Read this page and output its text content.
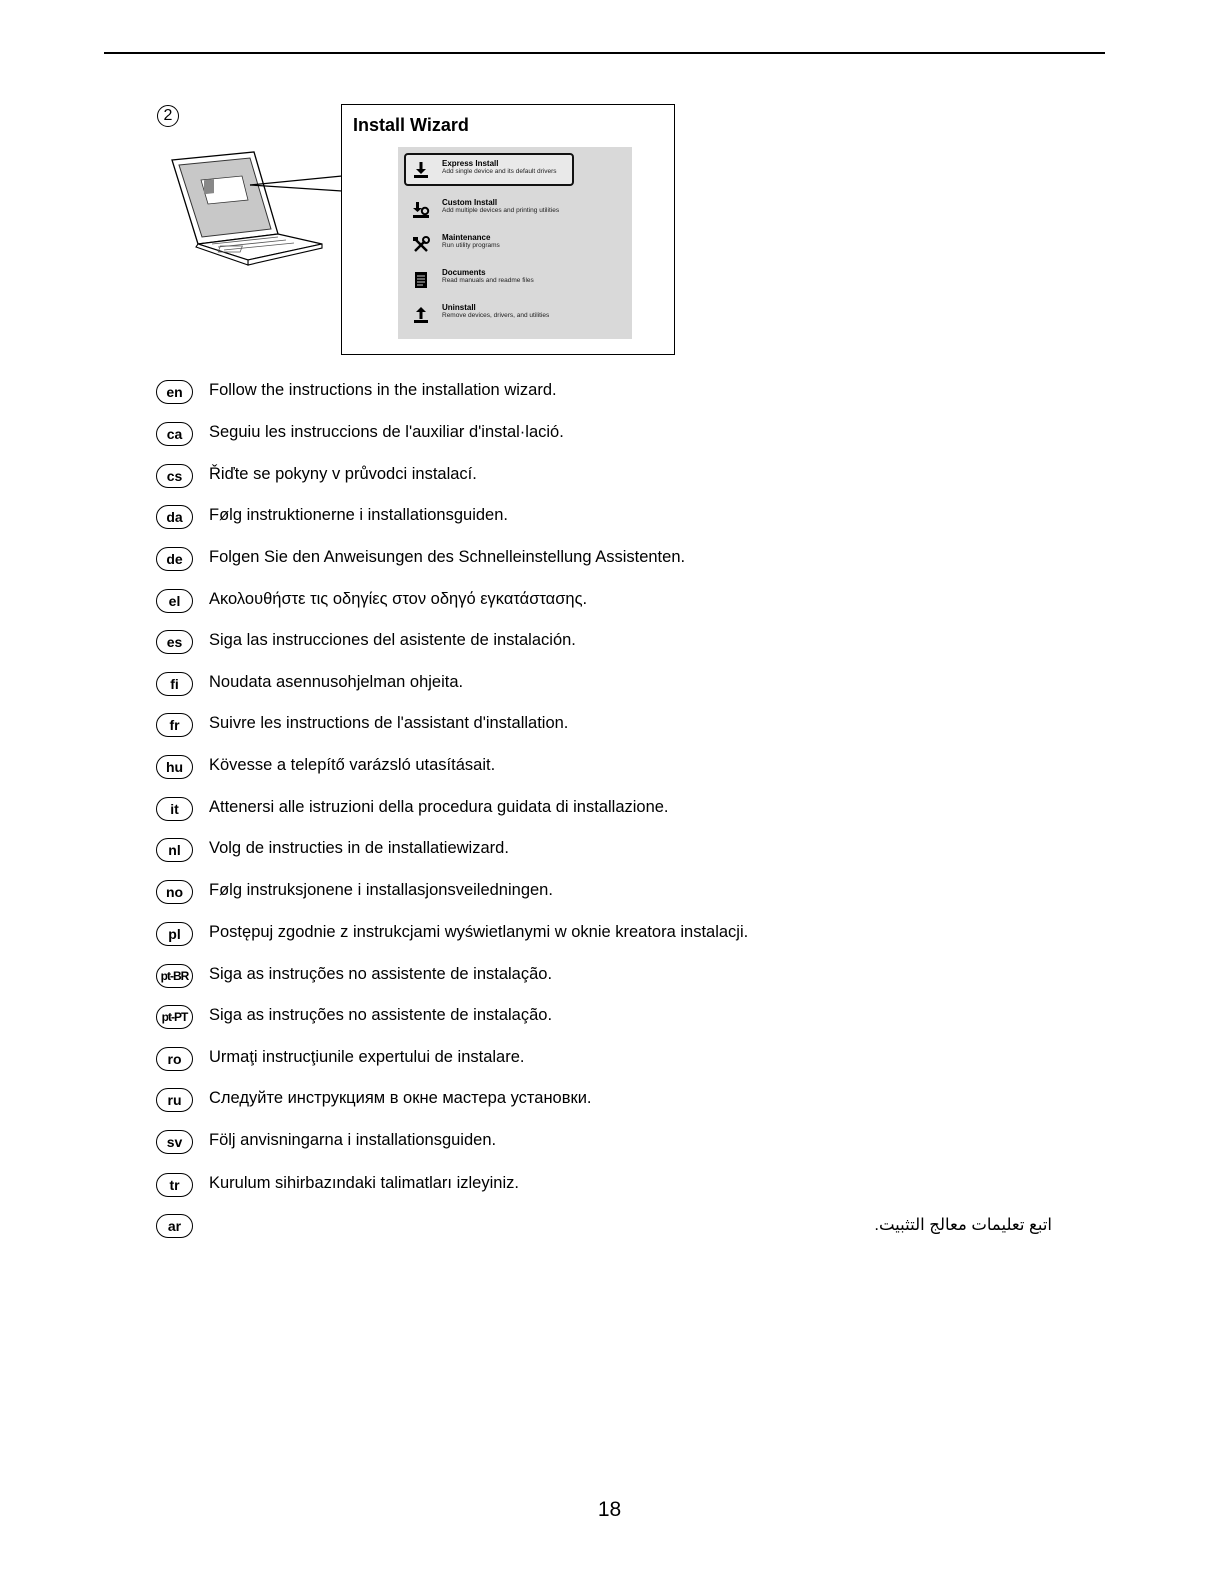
2	Install Wizard
Express Install
Add single device and its default drivers
Custom Install
Add multiple devices and printing utilities
Maintenance
Run utility programs
Documents
Read manuals and readme files
Uninstall
Remove devices, drivers, and utilities
en	Follow the instructions in the installation wizard.
ca	Seguiu les instruccions de l'auxiliar d'instal·lació.
cs	Řiďte se pokyny v průvodci instalací.
da	Følg instruktionerne i installationsguiden.
de	Folgen Sie den Anweisungen des Schnelleinstellung Assistenten.
el	Ακολουθήστε τις οδηγίες στον οδηγό εγκατάστασης.
es	Siga las instrucciones del asistente de instalación.
fi	Noudata asennusohjelman ohjeita.
fr	Suivre les instructions de l'assistant d'installation.
hu	Kövesse a telepítő varázsló utasításait.
it	Attenersi alle istruzioni della procedura guidata di installazione.
nl	Volg de instructies in de installatiewizard.
no	Følg instruksjonene i installasjonsveiledningen.
pl	Postępuj zgodnie z instrukcjami wyświetlanymi w oknie kreatora instalacji.
pt-BR Siga as instruções no assistente de instalação.
pt-PT	Siga as instruções no assistente de instalação.
ro	Urmaţi instrucţiunile expertului de instalare.
ru	Следуйте инструкциям в окне мастера установки.
sv	Följ anvisningarna i installationsguiden.
tr	Kurulum sihirbazındaki talimatları izleyiniz.
ar	اتبع تعليمات معالج التثبيت.
18
